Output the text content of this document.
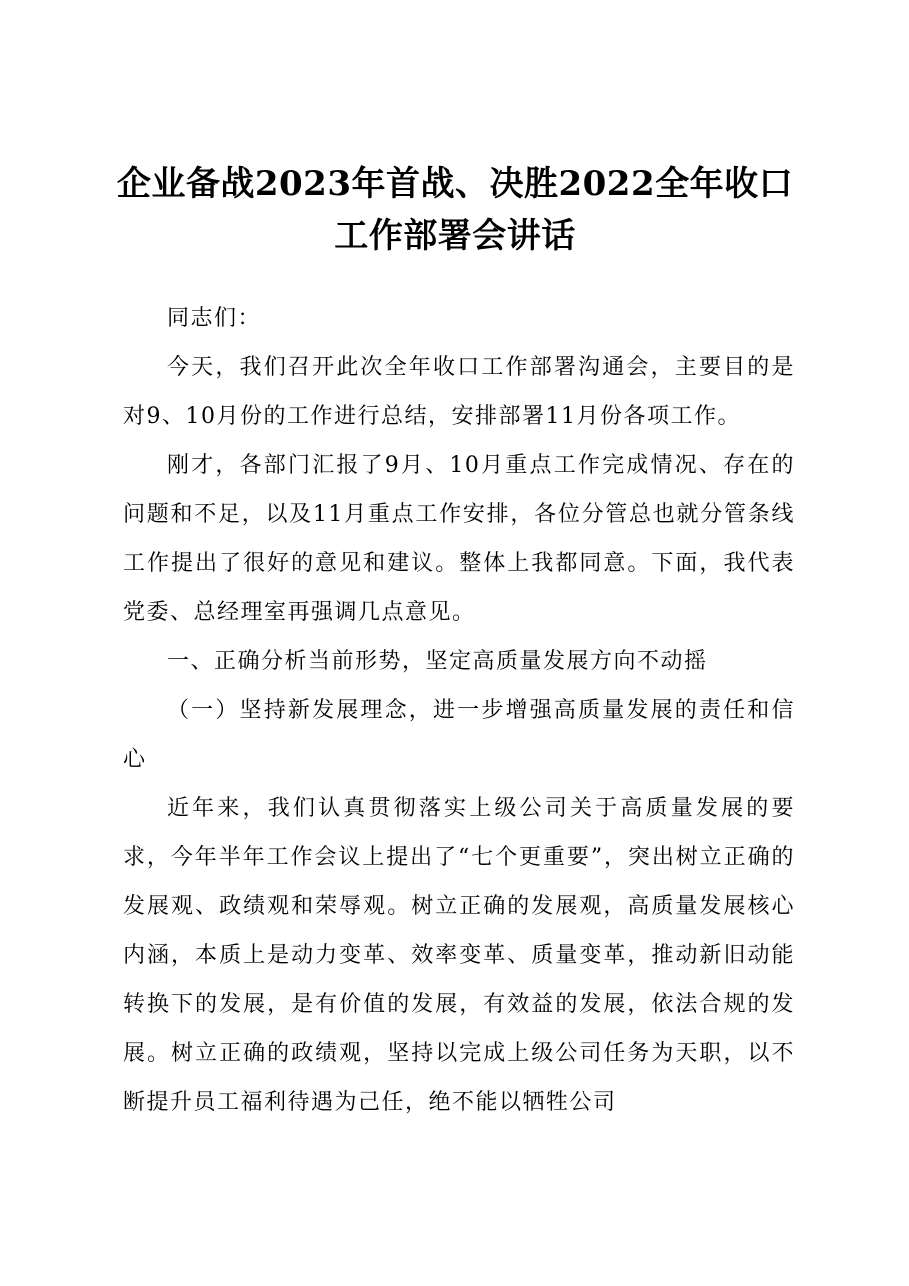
企业备战2023年首战、决胜2022全年收口工作部署会讲话

同志们：

今天，我们召开此次全年收口工作部署沟通会，主要目的是对9、10月份的工作进行总结，安排部署11月份各项工作。

刚才，各部门汇报了9月、10月重点工作完成情况、存在的问题和不足，以及11月重点工作安排，各位分管总也就分管条线工作提出了很好的意见和建议。整体上我都同意。下面，我代表党委、总经理室再强调几点意见。

一、正确分析当前形势，坚定高质量发展方向不动摇

（一）坚持新发展理念，进一步增强高质量发展的责任和信心

近年来，我们认真贯彻落实上级公司关于高质量发展的要求，今年半年工作会议上提出了“七个更重要”，突出树立正确的发展观、政绩观和荣辱观。树立正确的发展观，高质量发展核心内涵，本质上是动力变革、效率变革、质量变革，推动新旧动能转换下的发展，是有价值的发展，有效益的发展，依法合规的发展。树立正确的政绩观，坚持以完成上级公司任务为天职，以不断提升员工福利待遇为己任，绝不能以牺牲公司
